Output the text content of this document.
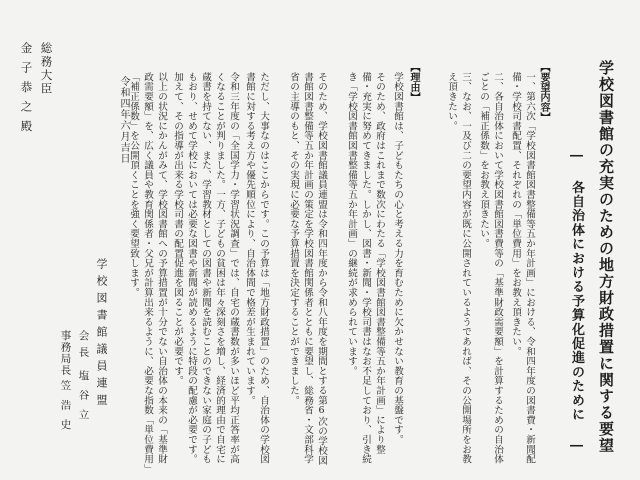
学校図書館の充実のための地方財政措置に関する要望
― 各自治体における予算化促進のために ―
【要望内容】
一、第六次「学校図書館図書整備等五か年計画」における、令和四年度の図書費・新聞配備・学校司書配置、それぞれの「単位費用」をお教え頂きたい。
二、各自治体において学校図書館図書費等の「基準財政需要額」を計算するための自治体ごとの「補正係数」をお教え頂きたい。
三、なお、一及び二の要望内容が既に公開されているようであれば、その公開場所をお教え頂きたい。
【理由】
学校図書館は、子どもたちの心と考える力を育むために欠かせない教育の基盤です。
そのため、政府はこれまで数次にわたる「学校図書館図書整備等五か年計画」により整備・充実に努めてきました。しかし、図書・新聞・学校司書はなお不足しており、引き続き「学校図書館図書整備等五か年計画」の継続が求められています。
そのため、学校図書館議員連盟は令和四年度から令和八年度を期間とする第6次の学校図書館図書整備等五か年計画の策定を学校図書館関係者とともに要望し、総務省・文部科学省の主導のもと、その実現に必要な予算措置を決定することができました。
ただし、大事なのはここからです。この予算は「地方財政措置」のため、自治体の学校図書館に対する考え方や優先順位により、自治体間で格差が生まれています。
令和三年度の「全国学力・学習状況調査」では、自宅の蔵書数が多いほど平均正答率が高くなることが判りました。一方、子どもの貧困は年々深刻さを増し、経済的理由で自宅に蔵書を持てない、また、学習教材としての図書や新聞を読むことのできない家庭の子どももおり、せめて学校においては必要な図書や新聞が読めるように特段の配慮が必要です。加えて、その指導が出来る学校司書の配置促進を図ることが必要です。
以上の状況にかんがみて、学校図書館への予算措置が十分でない自治体の本来の「基準財政需要額」を、広く議員や教育関係者・父兄が計算出来るように、必要な指数「単位費用」「補正係数」を公開頂くことを強く要望致します。
令和四年六月吉日
学校図書館議員連盟
会長
塩谷立
事務局長
笠浩史
総務大臣
金子恭之殿
